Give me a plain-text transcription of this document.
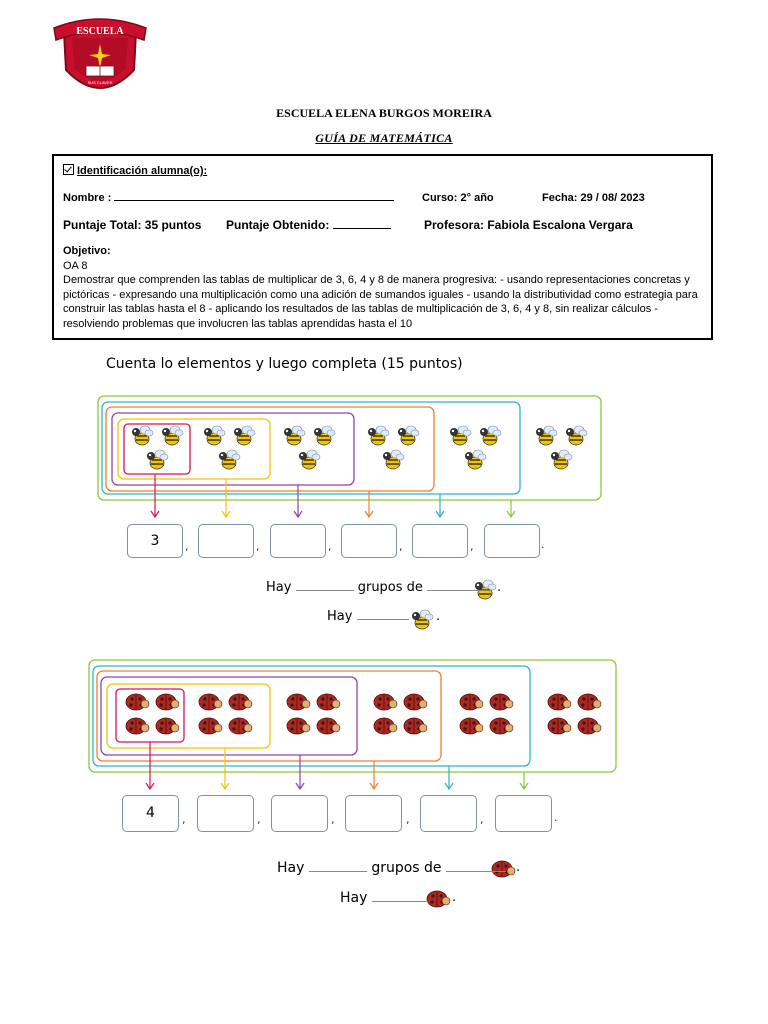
ESCUELA
SUS CLAVES
ELENA BURGOS MOREIRA
ESCUELA ELENA BURGOS MOREIRA
GUÍA DE MATEMÁTICA
Identificación alumna(o):
Nombre :	Curso: 2° año	Fecha: 29 / 08/ 2023
Puntaje Total: 35 puntos Puntaje Obtenido:	Profesora: Fabiola Escalona Vergara
Objetivo:
OA 8
Demostrar que comprenden las tablas de multiplicar de 3, 6, 4 y 8 de manera progresiva: - usando representaciones concretas y pictóricas - expresando una multiplicación como una adición de sumandos iguales - usando la distributividad como estrategia para construir las tablas hasta el 8 - aplicando los resultados de las tablas de multiplicación de 3, 6, 4 y 8, sin realizar cálculos - resolviendo problemas que involucren las tablas aprendidas hasta el 10
Cuenta lo elementos y luego completa (15 puntos)
3	,	,	,	,	,	.
Hay	grupos de	.
Hay	.
4	,	,	,	,	,	.
Hay	grupos de	.
Hay	.
